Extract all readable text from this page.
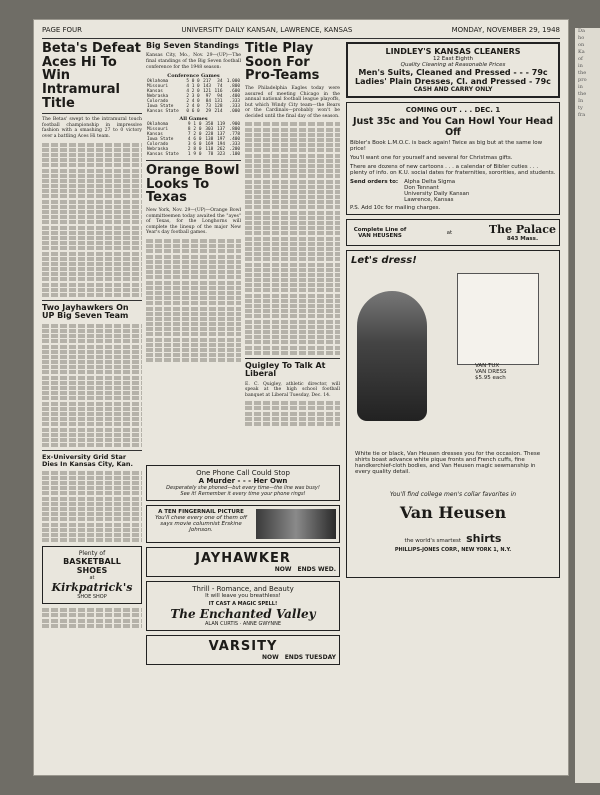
PAGE FOUR	UNIVERSITY DAILY KANSAN, LAWRENCE, KANSAS	MONDAY, NOVEMBER 29, 1948
Beta's Defeat Aces Hi To Win Intramural Title

The Betas' swept to the intramural touch football championship in impressive fashion with a smashing 27 to 0 victory over a battling Aces Hi team.

Two Jayhawkers On UP Big Seven Team
Ex-University Grid Star Dies In Kansas City, Kan.
Plenty of
BASKETBALL
SHOES
at
Kirkpatrick's
SHOE SHOP
Big Seven Standings

Kansas City, Mo., Nov. 29—(UP)—The final standings of the Big Seven football conference for the 1948 season:

Conference Games
Oklahoma	5	0	0	217	34	1.000
Missouri	4	1	0	143	74	.800
Kansas	4	2	0	121	116	.600
Nebraska	2	3	0	97	94	.400
Colorado	2	4	0	84	131	.333
Iowa State	2	4	0	73	128	.333
Kansas State	0	6	0	29	214	.000
All Games
Oklahoma	9	1	0	358	119	.900
Missouri	8	2	0	303	137	.800
Kansas	7	2	0	228	137	.778
Iowa State	4	6	0	138	197	.400
Colorado	3	6	0	169	194	.333
Nebraska	2	8	0	118	262	.200
Kansas State	1	9	0	78	323	.100
Orange Bowl Looks To Texas

New York, Nov. 29—(UP)—Orange Bowl committeemen today awaited the "ayes" of Texas, for the Longhorns will complete the lineup of the major New Year's day football games.

Title Play Soon For Pro-Teams

The Philadelphia Eagles today were assured of meeting Chicago in the annual national football league playoffs, but which Windy City team—the Bears or the Cardinals—probably won't be decided until the final day of the season.

Quigley To Talk At Liberal

E. C. Quigley, athletic director, will speak at the high school football banquet at Liberal Tuesday, Dec. 14.

One Phone Call Could Stop
A Murder - - - Her Own
Desperately she phoned—but every time—the line was busy!
See it! Remember it every time your phone rings!
A TEN FINGERNAIL PICTURE
You'll chew every one of them off
says movie columnist Erskine Johnson.
JAYHAWKER
NOW ENDS WED.
Thrill - Romance, and Beauty
It will leave you breathless!
IT CAST A MAGIC SPELL!
The Enchanted Valley
ALAN CURTIS · ANNE GWYNNE
VARSITY
NOW ENDS TUESDAY
LINDLEY'S KANSAS CLEANERS
12 East Eighth
Quality Cleaning at Reasonable Prices
Men's Suits, Cleaned and Pressed - - - 79c
Ladies' Plain Dresses, Cl. and Pressed - 79c
CASH AND CARRY ONLY
COMING OUT . . . DEC. 1
Just 35c and You Can Howl Your Head Off
Bibler's Book L.M.O.C. is back again! Twice as big but at the same low price!
You'll want one for yourself and several for Christmas gifts.
There are dozens of new cartoons . . . a calendar of Bibler cuties . . . plenty of info. on K.U. social dates for fraternities, sororities, and students.
Send orders to: Alpha Delta Sigma
Don Tennant
University Daily Kansan
Lawrence, Kansas
P.S. Add 10c for mailing charges.
Complete Line of VAN HEUSENS	at	The Palace
843 Mass.
Let's dress!
VAN TUX
VAN DRESS
$5.95 each
White tie or black, Van Heusen dresses you for the occasion. These shirts boast advance white pique fronts and French cuffs, fine handkerchief-cloth bodies, and Van Heusen magic sewmanship in every quality detail.
You'll find college men's collar favorites in
Van Heusen
the world's smartest shirts
PHILLIPS-JONES CORP., NEW YORK 1, N.Y.
Da
ho
on
Ka
of
in
the
pro
in
the
In
ty
fra
